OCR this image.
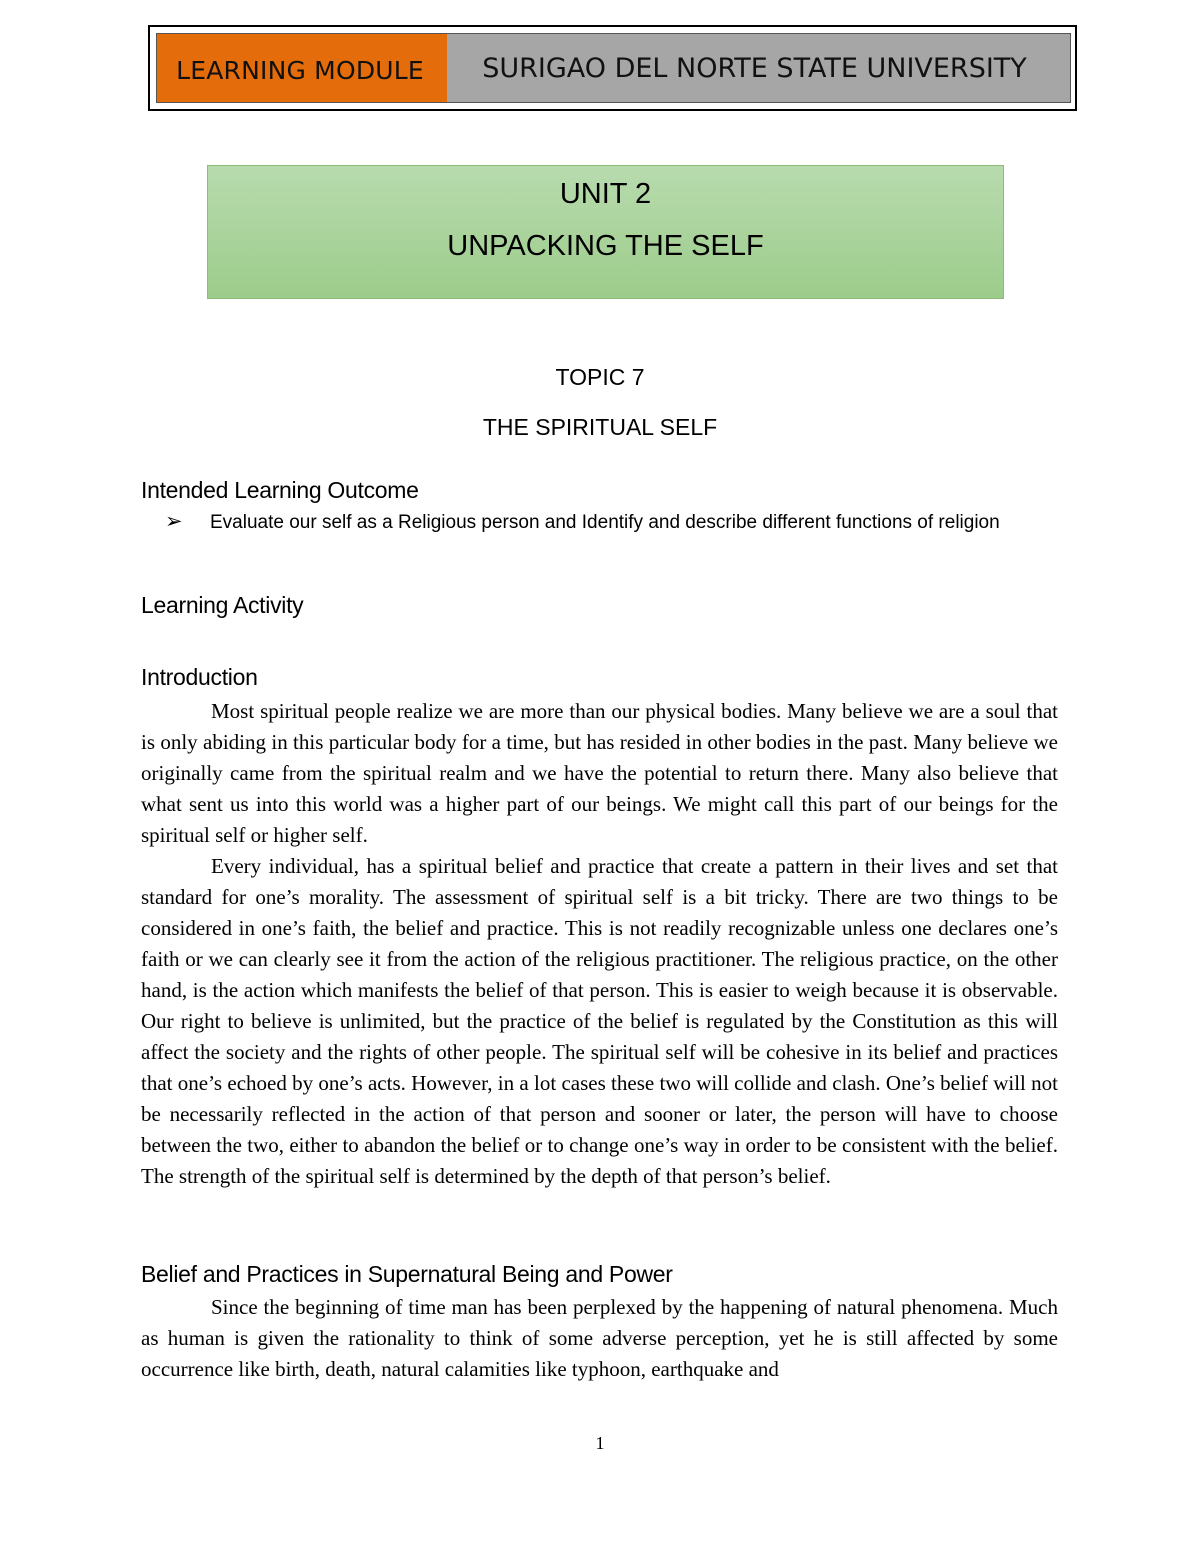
LEARNING MODULE	SURIGAO DEL NORTE STATE UNIVERSITY
UNIT 2
UNPACKING THE SELF
TOPIC 7
THE SPIRITUAL SELF
Intended Learning Outcome
➢ Evaluate our self as a Religious person and Identify and describe different functions of religion
Learning Activity
Introduction

Most spiritual people realize we are more than our physical bodies. Many believe we are a soul that is only abiding in this particular body for a time, but has resided in other bodies in the past. Many believe we originally came from the spiritual realm and we have the potential to return there. Many also believe that what sent us into this world was a higher part of our beings. We might call this part of our beings for the spiritual self or higher self.

Every individual, has a spiritual belief and practice that create a pattern in their lives and set that standard for one’s morality. The assessment of spiritual self is a bit tricky. There are two things to be considered in one’s faith, the belief and practice. This is not readily recognizable unless one declares one’s faith or we can clearly see it from the action of the religious practitioner. The religious practice, on the other hand, is the action which manifests the belief of that person. This is easier to weigh because it is observable. Our right to believe is unlimited, but the practice of the belief is regulated by the Constitution as this will affect the society and the rights of other people. The spiritual self will be cohesive in its belief and practices that one’s echoed by one’s acts. However, in a lot cases these two will collide and clash. One’s belief will not be necessarily reflected in the action of that person and sooner or later, the person will have to choose between the two, either to abandon the belief or to change one’s way in order to be consistent with the belief. The strength of the spiritual self is determined by the depth of that person’s belief.

Belief and Practices in Supernatural Being and Power

Since the beginning of time man has been perplexed by the happening of natural phenomena. Much as human is given the rationality to think of some adverse perception, yet he is still affected by some occurrence like birth, death, natural calamities like typhoon, earthquake and

1
